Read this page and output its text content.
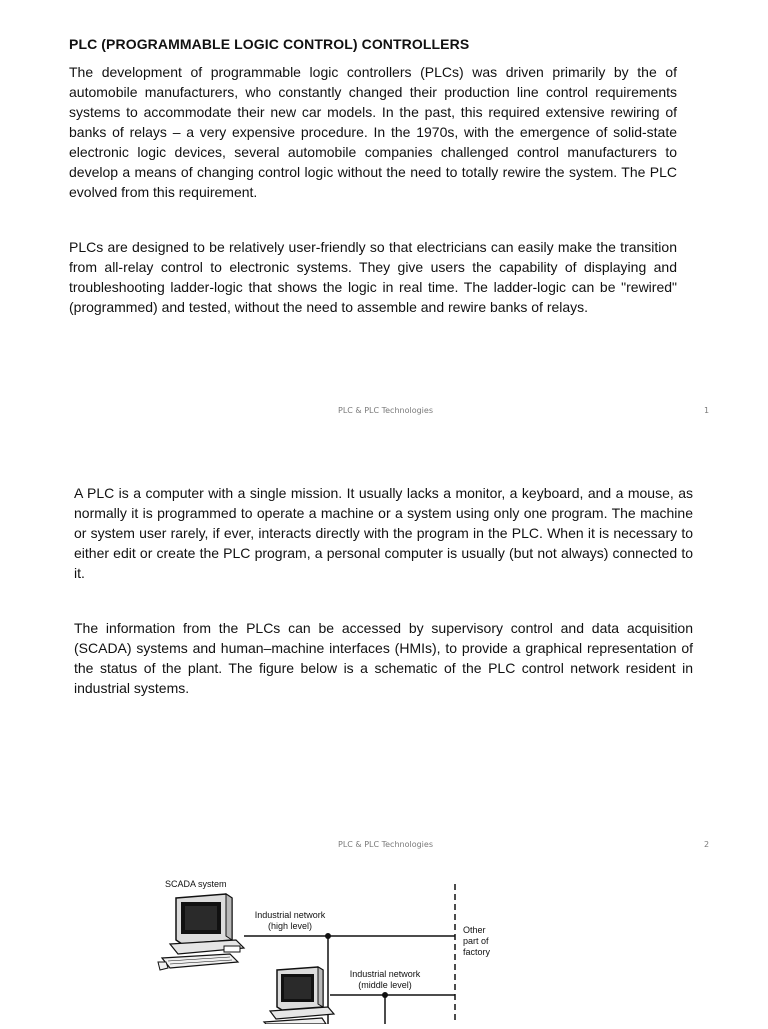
PLC (PROGRAMMABLE LOGIC CONTROL) CONTROLLERS

The development of programmable logic controllers (PLCs) was driven primarily by the of automobile manufacturers, who constantly changed their production line control requirements systems to accommodate their new car models. In the past, this required extensive rewiring of banks of relays – a very expensive procedure. In the 1970s, with the emergence of solid-state electronic logic devices, several automobile companies challenged control manufacturers to develop a means of changing control logic without the need to totally rewire the system. The PLC evolved from this requirement.

PLCs are designed to be relatively user-friendly so that electricians can easily make the transition from all-relay control to electronic systems. They give users the capability of displaying and troubleshooting ladder-logic that shows the logic in real time. The ladder-logic can be "rewired" (programmed) and tested, without the need to assemble and rewire banks of relays.

PLC & PLC Technologies	1

A PLC is a computer with a single mission. It usually lacks a monitor, a keyboard, and a mouse, as normally it is programmed to operate a machine or a system using only one program. The machine or system user rarely, if ever, interacts directly with the program in the PLC. When it is necessary to either edit or create the PLC program, a personal computer is usually (but not always) connected to it.

The information from the PLCs can be accessed by supervisory control and data acquisition (SCADA) systems and human–machine interfaces (HMIs), to provide a graphical representation of the status of the plant. The figure below is a schematic of the PLC control network resident in industrial systems.

PLC & PLC Technologies	2
SCADA system
Industrial network
(high level)	Other
part of
factory
Industrial network
(middle level)
